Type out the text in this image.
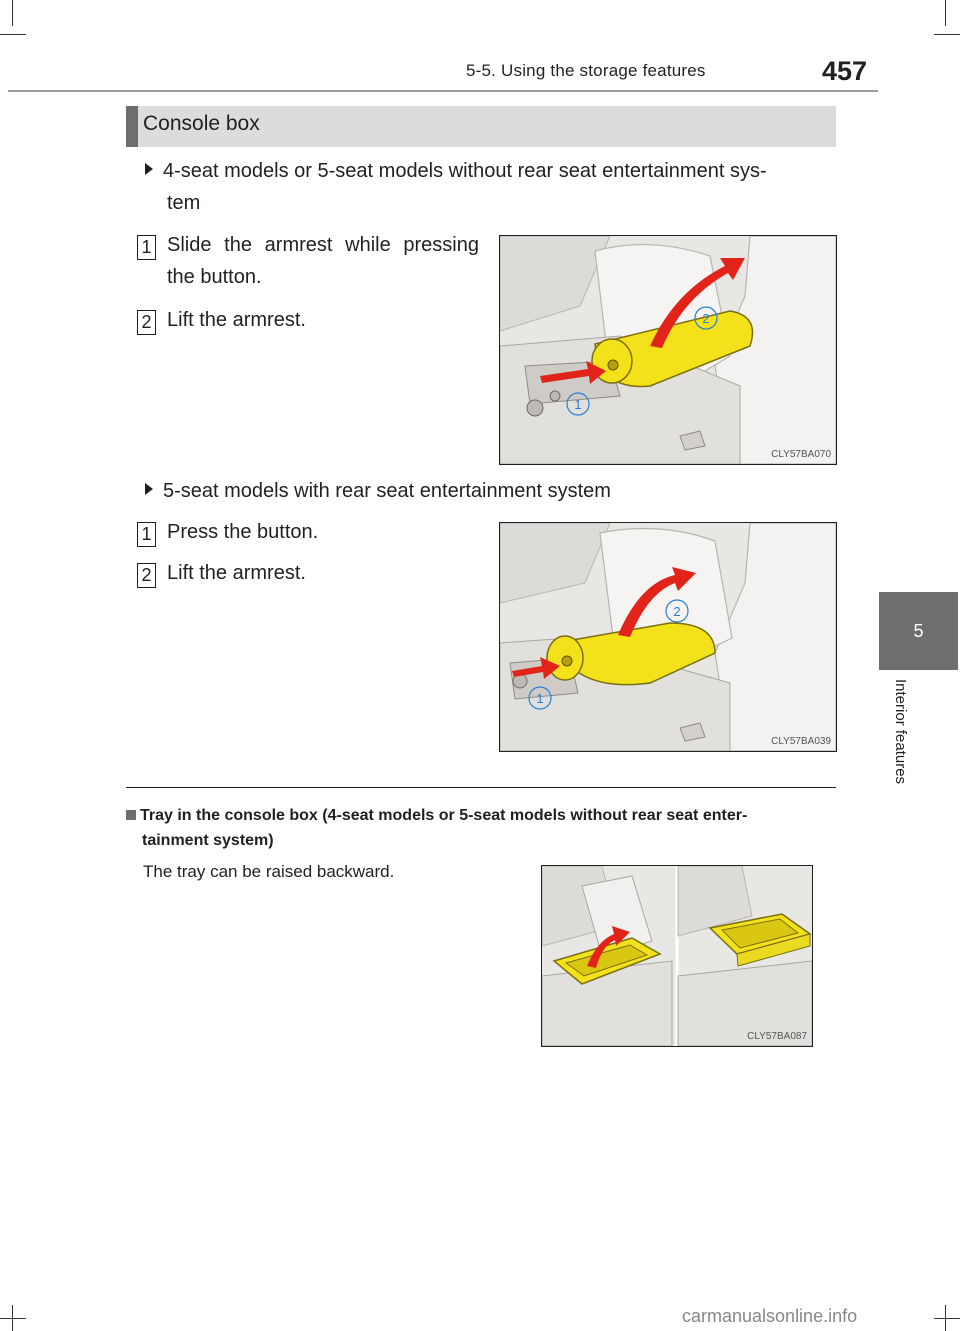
5-5. Using the storage features	457
5
Interior features
Console box
4-seat models or 5-seat models without rear seat entertainment sys-
tem
1 Slide the armrest while pressing
the button.
2 Lift the armrest.
1
2
CLY57BA070
5-seat models with rear seat entertainment system
1 Press the button.
2 Lift the armrest.
1
2
CLY57BA039
Tray in the console box (4-seat models or 5-seat models without rear seat enter-
tainment system)
The tray can be raised backward.
CLY57BA087
carmanualsonline.info
